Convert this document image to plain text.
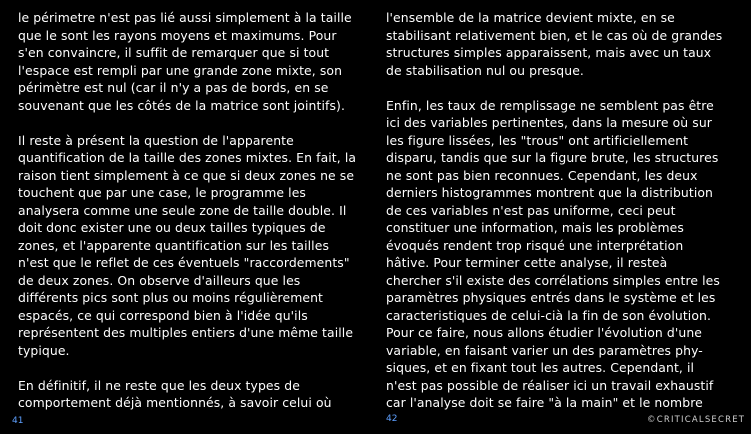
le périmetre n'est pas lié aussi simplement à la taille
que le sont les rayons moyens et maximums. Pour
s'en convaincre, il suffit de remarquer que si tout
l'espace est rempli par une grande zone mixte, son
périmètre est nul (car il n'y a pas de bords, en se
souvenant que les côtés de la matrice sont jointifs).
Il reste à présent la question de l'apparente
quantification de la taille des zones mixtes. En fait, la
raison tient simplement à ce que si deux zones ne se
touchent que par une case, le programme les
analysera comme une seule zone de taille double. Il
doit donc exister une ou deux tailles typiques de
zones, et l'apparente quantification sur les tailles
n'est que le reflet de ces éventuels "raccordements"
de deux zones. On observe d'ailleurs que les
différents pics sont plus ou moins régulièrement
espacés, ce qui correspond bien à l'idée qu'ils
représentent des multiples entiers d'une même taille
typique.
En définitif, il ne reste que les deux types de
comportement déjà mentionnés, à savoir celui où
41
l'ensemble de la matrice devient mixte, en se
stabilisant relativement bien, et le cas où de grandes
structures simples apparaissent, mais avec un taux
de stabilisation nul ou presque.
Enfin, les taux de remplissage ne semblent pas être
ici des variables pertinentes, dans la mesure où sur
les figure lissées, les "trous" ont artificiellement
disparu, tandis que sur la figure brute, les structures
ne sont pas bien reconnues. Cependant, les deux
derniers histogrammes montrent que la distribution
de ces variables n'est pas uniforme, ceci peut
constituer une information, mais les problèmes
évoqués rendent trop risqué une interprétation
hâtive. Pour terminer cette analyse, il resteà
chercher s'il existe des corrélations simples entre les
paramètres physiques entrés dans le système et les
caracteristiques de celui-cià la fin de son évolution.
Pour ce faire, nous allons étudier l'évolution d'une
variable, en faisant varier un des paramètres phy-
siques, et en fixant tout les autres. Cependant, il
n'est pas possible de réaliser ici un travail exhaustif
car l'analyse doit se faire "à la main" et le nombre
42	©CRITICALSECRET
